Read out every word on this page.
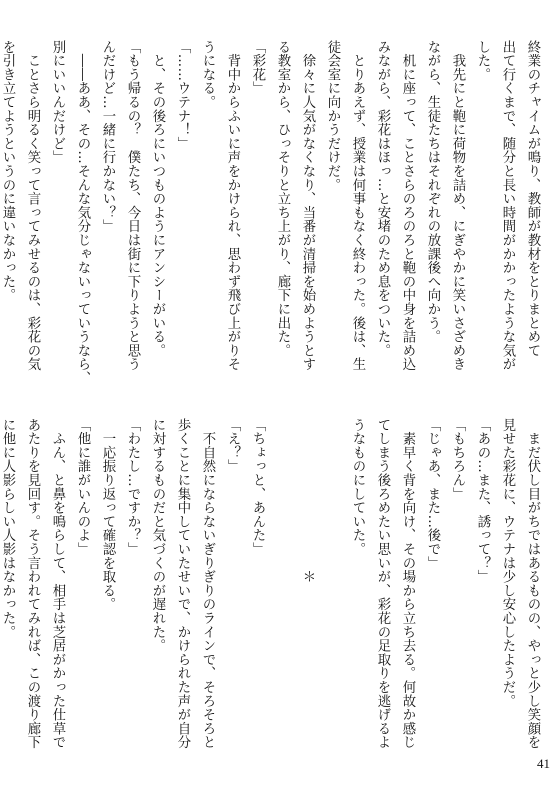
終業のチャイムが鳴り、教師が教材をとりまとめて
出て行くまで、随分と長い時間がかかったような気が
した。
　我先にと鞄に荷物を詰め、にぎやかに笑いさざめき
ながら、生徒たちはそれぞれの放課後へ向かう。
　机に座って、ことさらのろのろと鞄の中身を詰め込
みながら、彩花はほっ…と安堵のため息をついた。
　とりあえず、授業は何事もなく終わった。後は、生
徒会室に向かうだけだ。
　徐々に人気がなくなり、当番が清掃を始めようとす
る教室から、ひっそりと立ち上がり、廊下に出た。
「彩花」
　背中からふいに声をかけられ、思わず飛び上がりそ
うになる。
「……ウテナ！」
　と、その後ろにいつものようにアンシーがいる。
「もう帰るの？　僕たち、今日は街に下りようと思う
んだけど…一緒に行かない？」
　――ああ、その…そんな気分じゃないっていうなら、
別にいいんだけど」
　ことさら明るく笑って言ってみせるのは、彩花の気
を引き立てようというのに違いなかった。

　まだ伏し目がちではあるものの、やっと少し笑顔を
見せた彩花に、ウテナは少し安心したようだ。
「あの…また、誘って？」
「もちろん」
「じゃあ、また…後で」
　素早く背を向け、その場から立ち去る。何故か感じ
てしまう後ろめたい思いが、彩花の足取りを逃げるよ
うなものにしていた。

　　　　　　　　　　　＊

「ちょっと、あんた」
「え？」
　不自然にならないぎりぎりのラインで、そろそろと
歩くことに集中していたせいで、かけられた声が自分
に対するものだと気づくのが遅れた。
「わたし…ですか？」
　一応振り返って確認を取る。
「他に誰がいんのよ」
　ふん、と鼻を鳴らして、相手は芝居がかった仕草で
あたりを見回す。そう言われてみれば、この渡り廊下
に他に人影らしい人影はなかった。

41
